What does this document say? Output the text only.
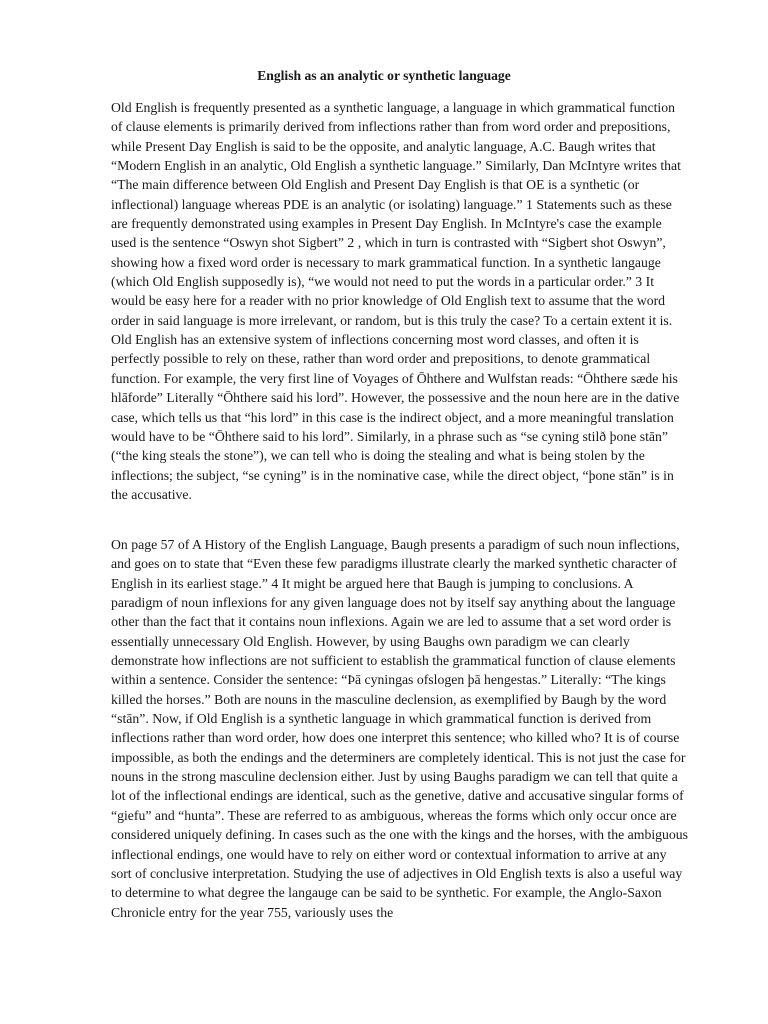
English as an analytic or synthetic language

Old English is frequently presented as a synthetic language, a language in which grammatical function of clause elements is primarily derived from inflections rather than from word order and prepositions, while Present Day English is said to be the opposite, and analytic language, A.C. Baugh writes that “Modern English in an analytic, Old English a synthetic language.” Similarly, Dan McIntyre writes that “The main difference between Old English and Present Day English is that OE is a synthetic (or inflectional) language whereas PDE is an analytic (or isolating) language.” 1 Statements such as these are frequently demonstrated using examples in Present Day English. In McIntyre's case the example used is the sentence “Oswyn shot Sigbert” 2 , which in turn is contrasted with “Sigbert shot Oswyn”, showing how a fixed word order is necessary to mark grammatical function. In a synthetic langauge (which Old English supposedly is), “we would not need to put the words in a particular order.” 3 It would be easy here for a reader with no prior knowledge of Old English text to assume that the word order in said language is more irrelevant, or random, but is this truly the case? To a certain extent it is. Old English has an extensive system of inflections concerning most word classes, and often it is perfectly possible to rely on these, rather than word order and prepositions, to denote grammatical function. For example, the very first line of Voyages of Ōhthere and Wulfstan reads: “Ōhthere sæde his hlāforde” Literally “Ōhthere said his lord”. However, the possessive and the noun here are in the dative case, which tells us that “his lord” in this case is the indirect object, and a more meaningful translation would have to be “Ōhthere said to his lord”. Similarly, in a phrase such as “se cyning stilð þone stān” (“the king steals the stone”), we can tell who is doing the stealing and what is being stolen by the inflections; the subject, “se cyning” is in the nominative case, while the direct object, “þone stān” is in the accusative.

On page 57 of A History of the English Language, Baugh presents a paradigm of such noun inflections, and goes on to state that “Even these few paradigms illustrate clearly the marked synthetic character of English in its earliest stage.” 4 It might be argued here that Baugh is jumping to conclusions. A paradigm of noun inflexions for any given language does not by itself say anything about the language other than the fact that it contains noun inflexions. Again we are led to assume that a set word order is essentially unnecessary Old English. However, by using Baughs own paradigm we can clearly demonstrate how inflections are not sufficient to establish the grammatical function of clause elements within a sentence. Consider the sentence: “Þā cyningas ofslogen þā hengestas.” Literally: “The kings killed the horses.” Both are nouns in the masculine declension, as exemplified by Baugh by the word “stān”. Now, if Old English is a synthetic language in which grammatical function is derived from inflections rather than word order, how does one interpret this sentence; who killed who? It is of course impossible, as both the endings and the determiners are completely identical. This is not just the case for nouns in the strong masculine declension either. Just by using Baughs paradigm we can tell that quite a lot of the inflectional endings are identical, such as the genetive, dative and accusative singular forms of “giefu” and “hunta”. These are referred to as ambiguous, whereas the forms which only occur once are considered uniquely defining. In cases such as the one with the kings and the horses, with the ambiguous inflectional endings, one would have to rely on either word or contextual information to arrive at any sort of conclusive interpretation. Studying the use of adjectives in Old English texts is also a useful way to determine to what degree the langauge can be said to be synthetic. For example, the Anglo-Saxon Chronicle entry for the year 755, variously uses the
